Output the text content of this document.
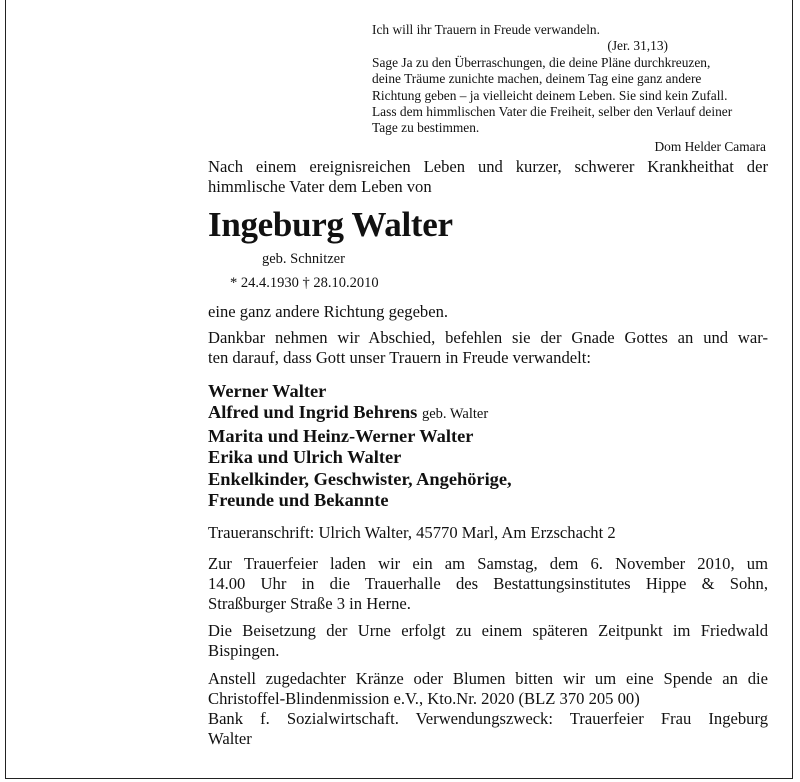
Ich will ihr Trauern in Freude verwandeln.
(Jer. 31,13)
Sage Ja zu den Überraschungen, die deine Pläne durchkreuzen,
deine Träume zunichte machen, deinem Tag eine ganz andere
Richtung geben – ja vielleicht deinem Leben. Sie sind kein Zufall.
Lass dem himmlischen Vater die Freiheit, selber den Verlauf deiner
Tage zu bestimmen.
Dom Helder Camara
Nach einem ereignisreichen Leben und kurzer, schwerer Krankheithat der
himmlische Vater dem Leben von
Ingeburg Walter
geb. Schnitzer
* 24.4.1930 † 28.10.2010
eine ganz andere Richtung gegeben.
Dankbar nehmen wir Abschied, befehlen sie der Gnade Gottes an und war-
ten darauf, dass Gott unser Trauern in Freude verwandelt:
Werner Walter
Alfred und Ingrid Behrens geb. Walter
Marita und Heinz-Werner Walter
Erika und Ulrich Walter
Enkelkinder, Geschwister, Angehörige,
Freunde und Bekannte
Traueranschrift: Ulrich Walter, 45770 Marl, Am Erzschacht 2
Zur Trauerfeier laden wir ein am Samstag, dem 6. November 2010, um
14.00 Uhr in die Trauerhalle des Bestattungsinstitutes Hippe & Sohn,
Straßburger Straße 3 in Herne.
Die Beisetzung der Urne erfolgt zu einem späteren Zeitpunkt im Friedwald
Bispingen.
Anstell zugedachter Kränze oder Blumen bitten wir um eine Spende an die
Christoffel-Blindenmission e.V., Kto.Nr. 2020 (BLZ 370 205 00)
Bank f. Sozialwirtschaft. Verwendungszweck: Trauerfeier Frau Ingeburg
Walter
